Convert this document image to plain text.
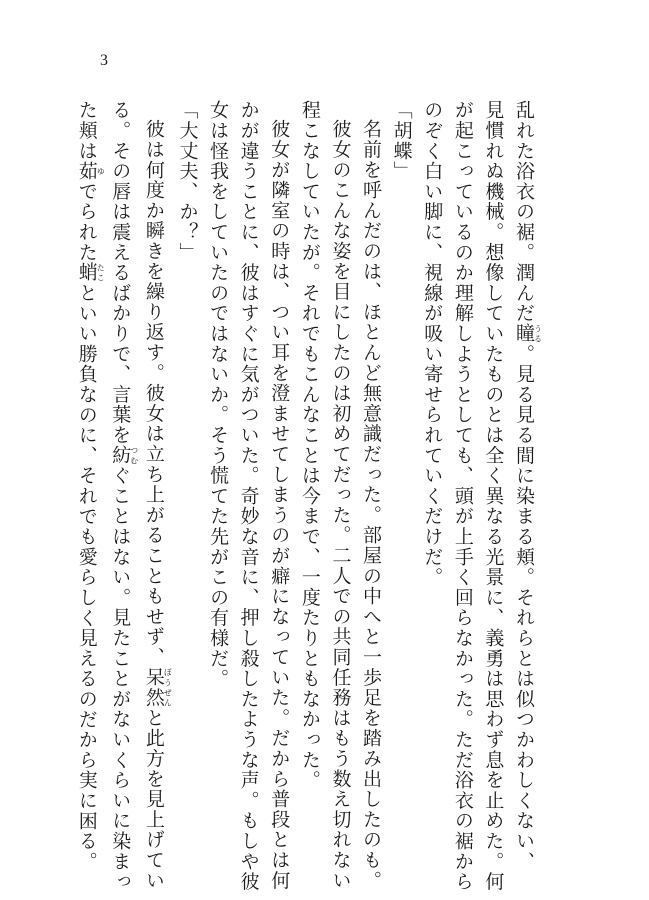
3

乱れた浴衣の裾。潤んだ瞳うる。見る見る間に染まる頬。それらとは似つかわしくない、

見慣れぬ機械。想像していたものとは全く異なる光景に、義勇は思わず息を止めた。何

が起こっているのか理解しようとしても、頭が上手く回らなかった。ただ浴衣の裾から

のぞく白い脚に、視線が吸い寄せられていくだけだ。

「胡蝶」

名前を呼んだのは、ほとんど無意識だった。部屋の中へと一歩足を踏み出したのも。

彼女のこんな姿を目にしたのは初めてだった。二人での共同任務はもう数え切れない

程こなしていたが。それでもこんなことは今まで、一度たりともなかった。

彼女が隣室の時は、つい耳を澄ませてしまうのが癖になっていた。だから普段とは何

かが違うことに、彼はすぐに気がついた。奇妙な音に、押し殺したような声。もしや彼

女は怪我をしていたのではないか。そう慌てた先がこの有様だ。

「大丈夫、か？」

彼は何度か瞬きを繰り返す。彼女は立ち上がることもせず、呆然ぼうぜんと此方を見上げてい

る。その唇は震えるばかりで、言葉を紡つむぐことはない。見たことがないくらいに染まっ

た頬は茹ゆでられた蛸たこといい勝負なのに、それでも愛らしく見えるのだから実に困る。
